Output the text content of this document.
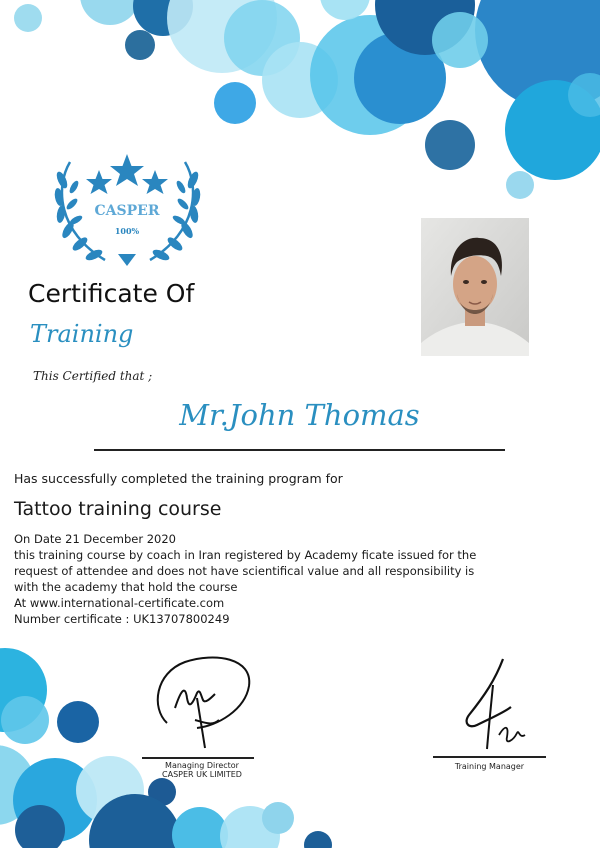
CASPER
100%
Certificate Of
Training
This Certified that ;
Mr.John Thomas
Has successfully completed the training program for
Tattoo training course
On Date 21 December 2020
this training course by coach in Iran registered by Academy ficate issued for the
request of attendee and does not have scientifical value and all responsibility is
with the academy that hold the course
At www.international-certificate.com
Number certificate : UK13707800249
Managing Director
CASPER UK LIMITED
Training Manager
